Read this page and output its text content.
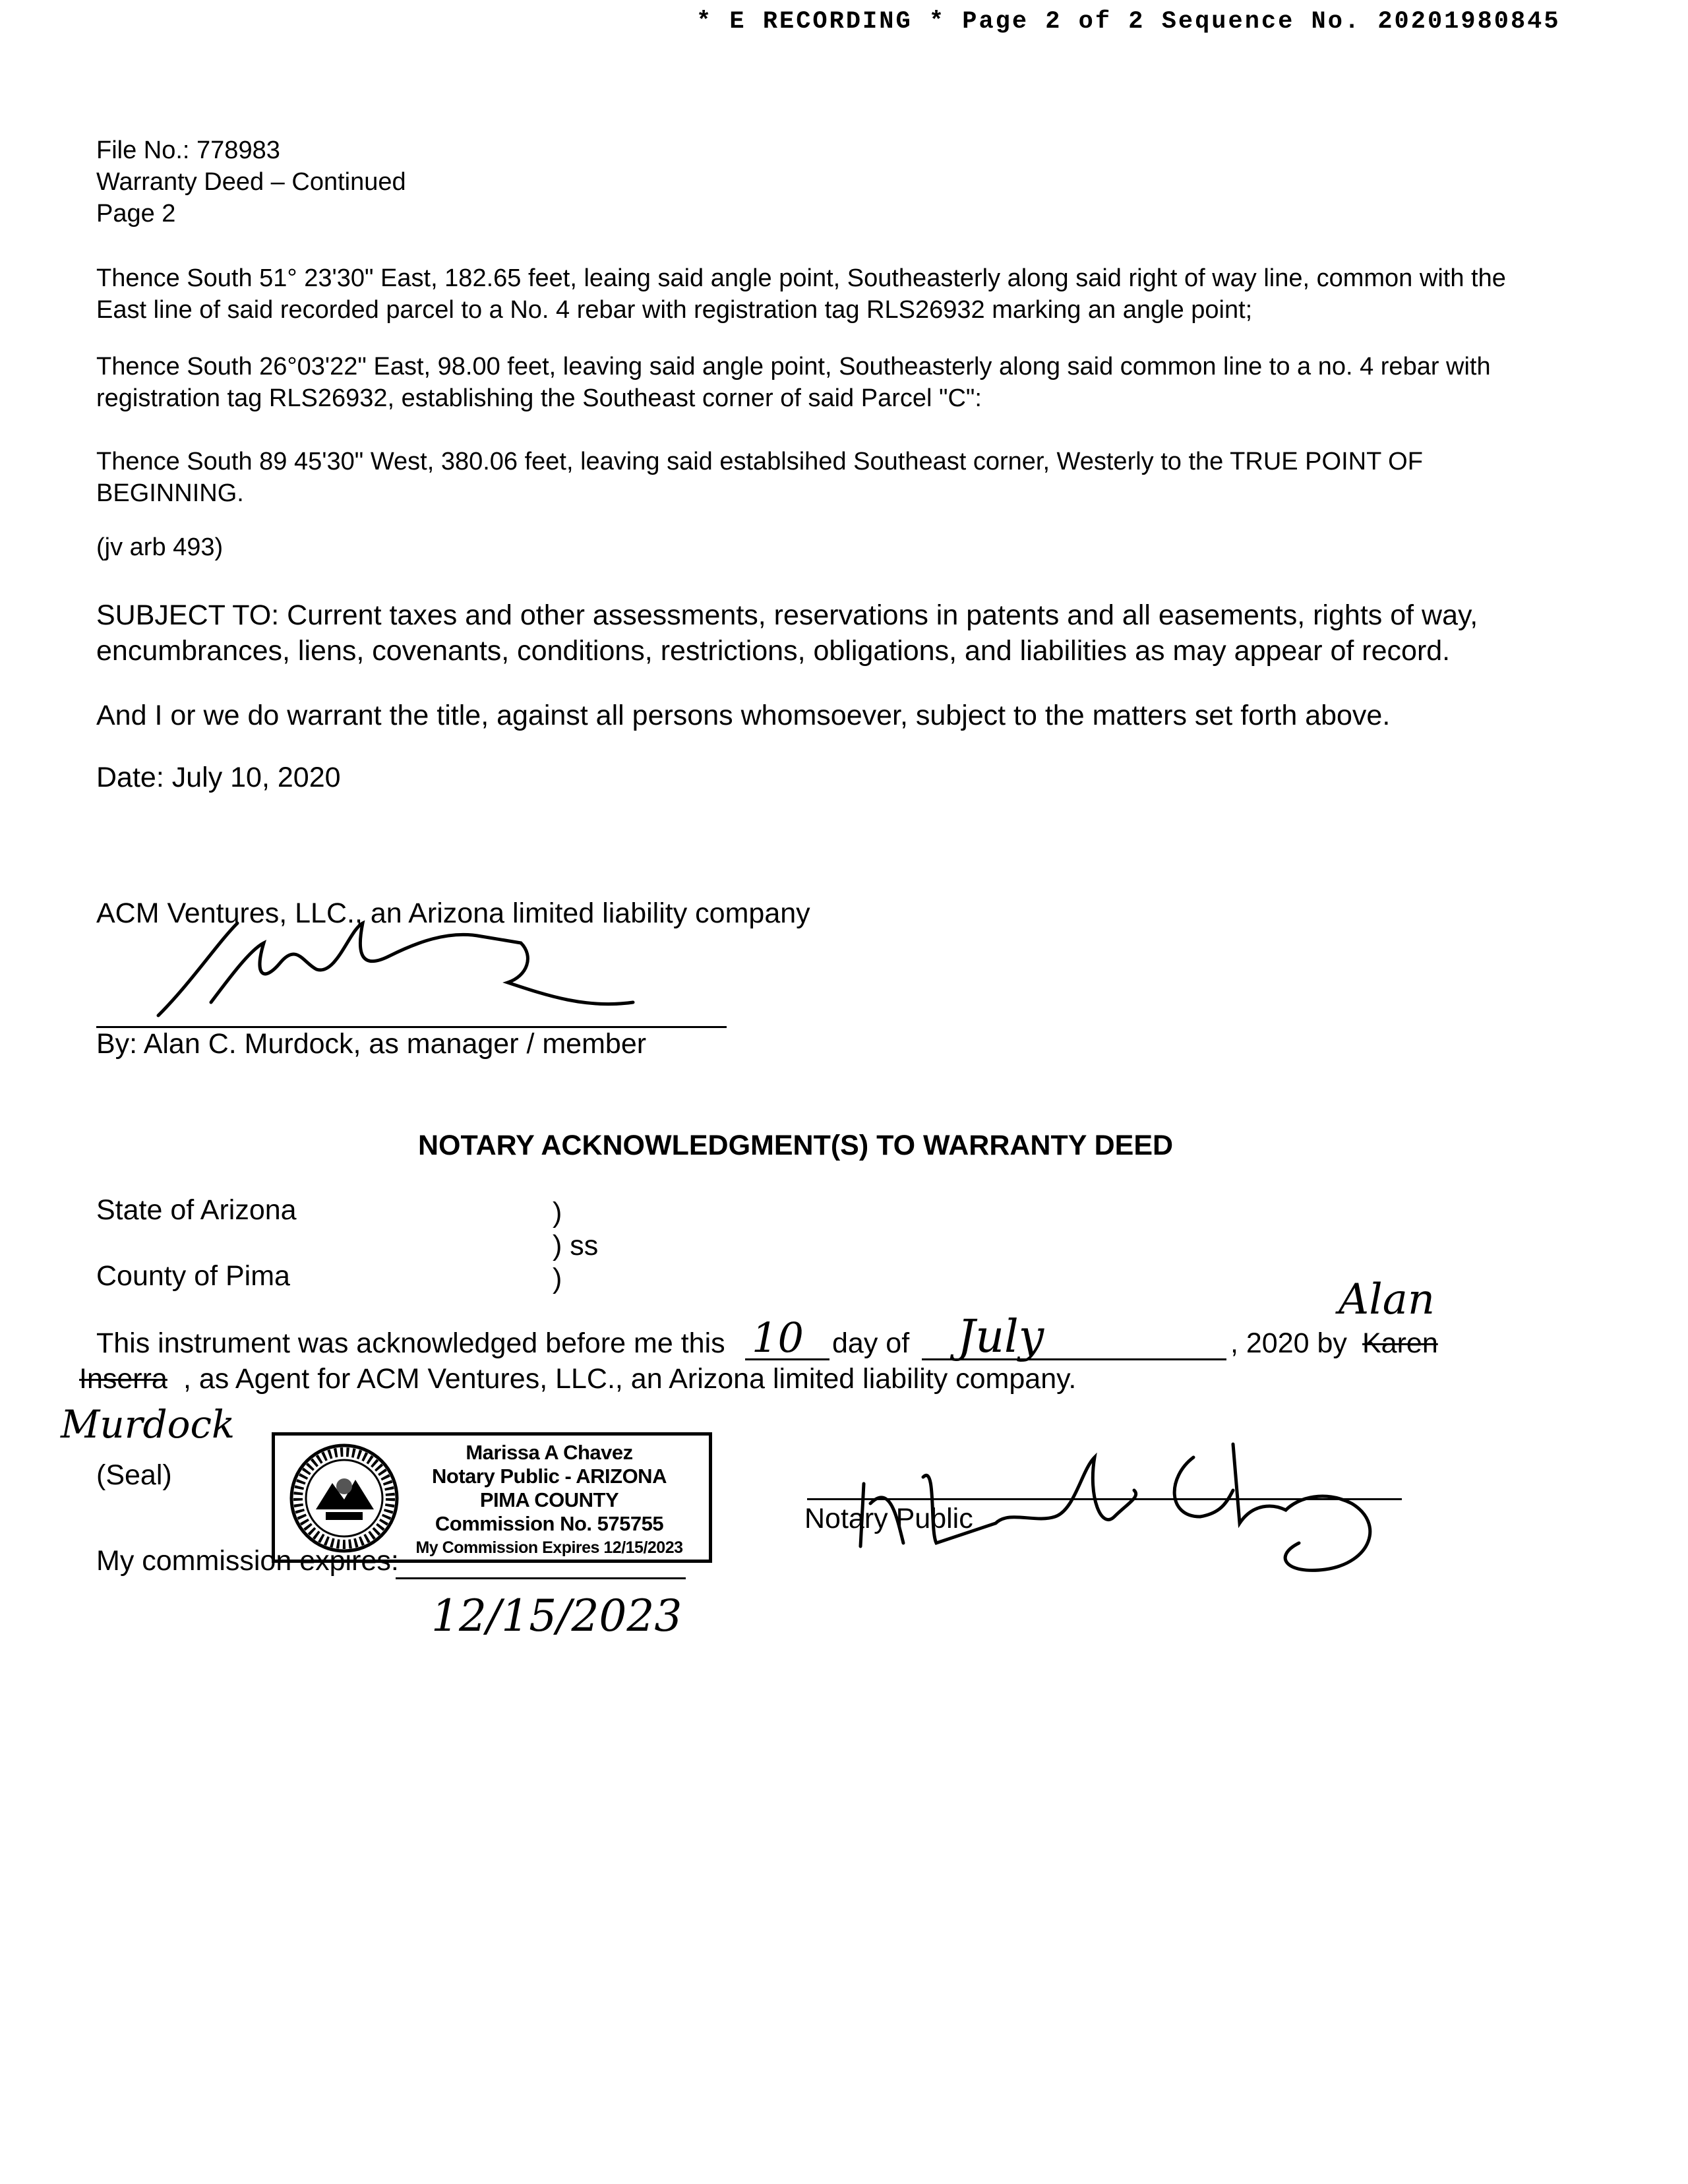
* E RECORDING * Page 2 of 2 Sequence No. 20201980845
File No.: 778983
Warranty Deed – Continued
Page 2
Thence South 51° 23'30" East, 182.65 feet, leaing said angle point, Southeasterly along said right of way line, common with the East line of said recorded parcel to a No. 4 rebar with registration tag RLS26932 marking an angle point;
Thence South 26°03'22" East, 98.00 feet, leaving said angle point, Southeasterly along said common line to a no. 4 rebar with registration tag RLS26932, establishing the Southeast corner of said Parcel "C":
Thence South 89 45'30" West, 380.06 feet, leaving said establsihed Southeast corner, Westerly to the TRUE POINT OF BEGINNING.
(jv arb 493)
SUBJECT TO: Current taxes and other assessments, reservations in patents and all easements, rights of way, encumbrances, liens, covenants, conditions, restrictions, obligations, and liabilities as may appear of record.
And I or we do warrant the title, against all persons whomsoever, subject to the matters set forth above.
Date: July 10, 2020
ACM Ventures, LLC., an Arizona limited liability company
By: Alan C. Murdock, as manager / member
NOTARY ACKNOWLEDGMENT(S) TO WARRANTY DEED
State of Arizona	)
) ss
County of Pima	)	Alan
This instrument was acknowledged before me this 10 day of July	, 2020 by Karen
Inserra , as Agent for ACM Ventures, LLC., an Arizona limited liability company.
Murdock
(Seal)
Marissa A Chavez
Notary Public - ARIZONA
PIMA COUNTY
Commission No. 575755
My Commission Expires 12/15/2023
Notary Public
My commission expires:
12/15/2023
